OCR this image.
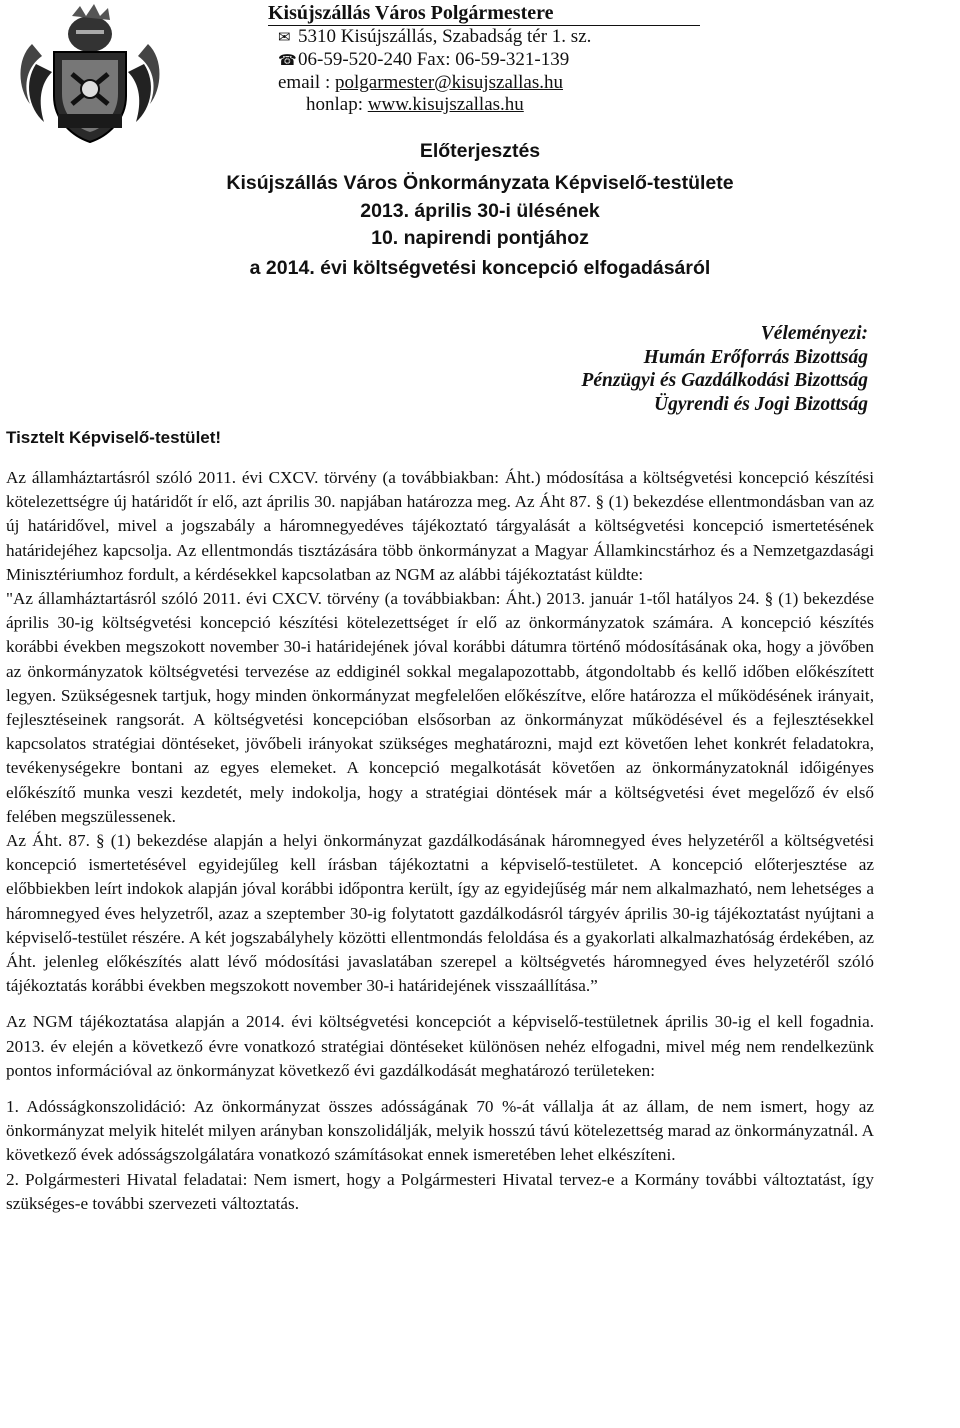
Kisújszállás Város Polgármestere
✉ 5310 Kisújszállás, Szabadság tér 1. sz.
☎06-59-520-240 Fax: 06-59-321-139
email : polgarmester@kisujszallas.hu
honlap: www.kisujszallas.hu
Előterjesztés
Kisújszállás Város Önkormányzata Képviselő-testülete
2013. április 30-i ülésének
10. napirendi pontjához
a 2014. évi költségvetési koncepció elfogadásáról
Véleményezi:
Humán Erőforrás Bizottság
Pénzügyi és Gazdálkodási Bizottság
Ügyrendi és Jogi Bizottság
Tisztelt Képviselő-testület!

Az államháztartásról szóló 2011. évi CXCV. törvény (a továbbiakban: Áht.) módosítása a költségvetési koncepció készítési kötelezettségre új határidőt ír elő, azt április 30. napjában határozza meg. Az Áht 87. § (1) bekezdése ellentmondásban van az új határidővel, mivel a jogszabály a háromnegyedéves tájékoztató tárgyalását a költségvetési koncepció ismertetésének határidejéhez kapcsolja. Az ellentmondás tisztázására több önkormányzat a Magyar Államkincstárhoz és a Nemzetgazdasági Minisztériumhoz fordult, a kérdésekkel kapcsolatban az NGM az alábbi tájékoztatást küldte:

"Az államháztartásról szóló 2011. évi CXCV. törvény (a továbbiakban: Áht.) 2013. január 1-től hatályos 24. § (1) bekezdése április 30-ig költségvetési koncepció készítési kötelezettséget ír elő az önkormányzatok számára. A koncepció készítés korábbi években megszokott november 30-i határidejének jóval korábbi dátumra történő módosításának oka, hogy a jövőben az önkormányzatok költségvetési tervezése az eddiginél sokkal megalapozottabb, átgondoltabb és kellő időben előkészített legyen. Szükségesnek tartjuk, hogy minden önkormányzat megfelelően előkészítve, előre határozza el működésének irányait, fejlesztéseinek rangsorát. A költségvetési koncepcióban elsősorban az önkormányzat működésével és a fejlesztésekkel kapcsolatos stratégiai döntéseket, jövőbeli irányokat szükséges meghatározni, majd ezt követően lehet konkrét feladatokra, tevékenységekre bontani az egyes elemeket. A koncepció megalkotását követően az önkormányzatoknál időigényes előkészítő munka veszi kezdetét, mely indokolja, hogy a stratégiai döntések már a költségvetési évet megelőző év első felében megszülessenek.

Az Áht. 87. § (1) bekezdése alapján a helyi önkormányzat gazdálkodásának háromnegyed éves helyzetéről a költségvetési koncepció ismertetésével egyidejűleg kell írásban tájékoztatni a képviselő-testületet. A koncepció előterjesztése az előbbiekben leírt indokok alapján jóval korábbi időpontra került, így az egyidejűség már nem alkalmazható, nem lehetséges a háromnegyed éves helyzetről, azaz a szeptember 30-ig folytatott gazdálkodásról tárgyév április 30-ig tájékoztatást nyújtani a képviselő-testület részére. A két jogszabályhely közötti ellentmondás feloldása és a gyakorlati alkalmazhatóság érdekében, az Áht. jelenleg előkészítés alatt lévő módosítási javaslatában szerepel a költségvetés háromnegyed éves helyzetéről szóló tájékoztatás korábbi években megszokott november 30-i határidejének visszaállítása.”

Az NGM tájékoztatása alapján a 2014. évi költségvetési koncepciót a képviselő-testületnek április 30-ig el kell fogadnia. 2013. év elején a következő évre vonatkozó stratégiai döntéseket különösen nehéz elfogadni, mivel még nem rendelkezünk pontos információval az önkormányzat következő évi gazdálkodását meghatározó területeken:

1. Adósságkonszolidáció: Az önkormányzat összes adósságának 70 %-át vállalja át az állam, de nem ismert, hogy az önkormányzat melyik hitelét milyen arányban konszolidálják, melyik hosszú távú kötelezettség marad az önkormányzatnál. A következő évek adósságszolgálatára vonatkozó számításokat ennek ismeretében lehet elkészíteni.

2. Polgármesteri Hivatal feladatai: Nem ismert, hogy a Polgármesteri Hivatal tervez-e a Kormány további változtatást, így szükséges-e további szervezeti változtatás.
